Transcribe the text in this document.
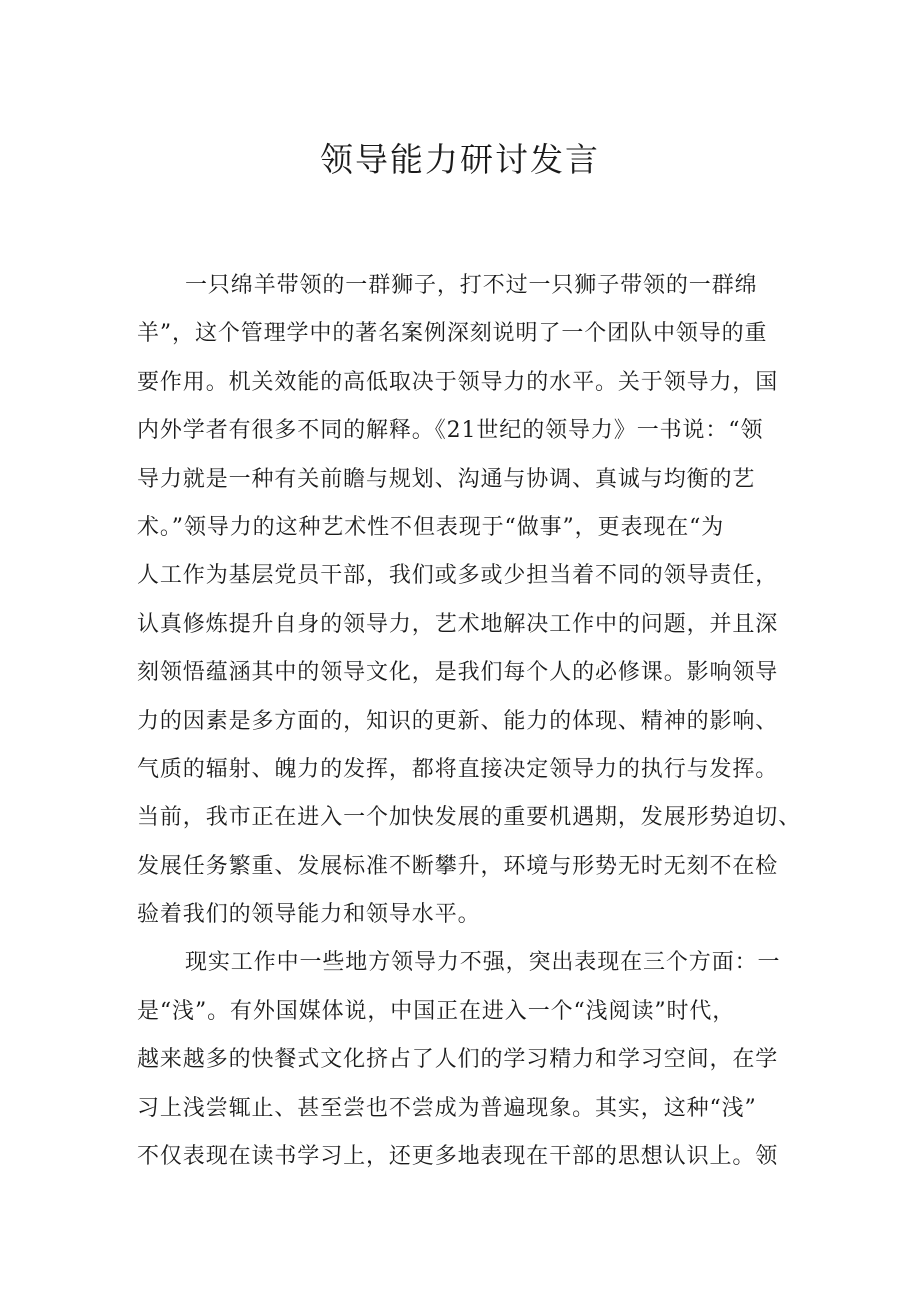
领导能力研讨发言

一只绵羊带领的一群狮子，打不过一只狮子带领的一群绵

羊”，这个管理学中的著名案例深刻说明了一个团队中领导的重

要作用。机关效能的高低取决于领导力的水平。关于领导力，国

内外学者有很多不同的解释。《21世纪的领导力》一书说：“领

导力就是一种有关前瞻与规划、沟通与协调、真诚与均衡的艺

术。”领导力的这种艺术性不但表现于“做事”，更表现在“为

人工作为基层党员干部，我们或多或少担当着不同的领导责任，

认真修炼提升自身的领导力，艺术地解决工作中的问题，并且深

刻领悟蕴涵其中的领导文化，是我们每个人的必修课。影响领导

力的因素是多方面的，知识的更新、能力的体现、精神的影响、

气质的辐射、魄力的发挥，都将直接决定领导力的执行与发挥。

当前，我市正在进入一个加快发展的重要机遇期，发展形势迫切、

发展任务繁重、发展标准不断攀升，环境与形势无时无刻不在检

验着我们的领导能力和领导水平。

现实工作中一些地方领导力不强，突出表现在三个方面：一

是“浅”。有外国媒体说，中国正在进入一个“浅阅读”时代，

越来越多的快餐式文化挤占了人们的学习精力和学习空间，在学

习上浅尝辄止、甚至尝也不尝成为普遍现象。其实，这种“浅”

不仅表现在读书学习上，还更多地表现在干部的思想认识上。领
